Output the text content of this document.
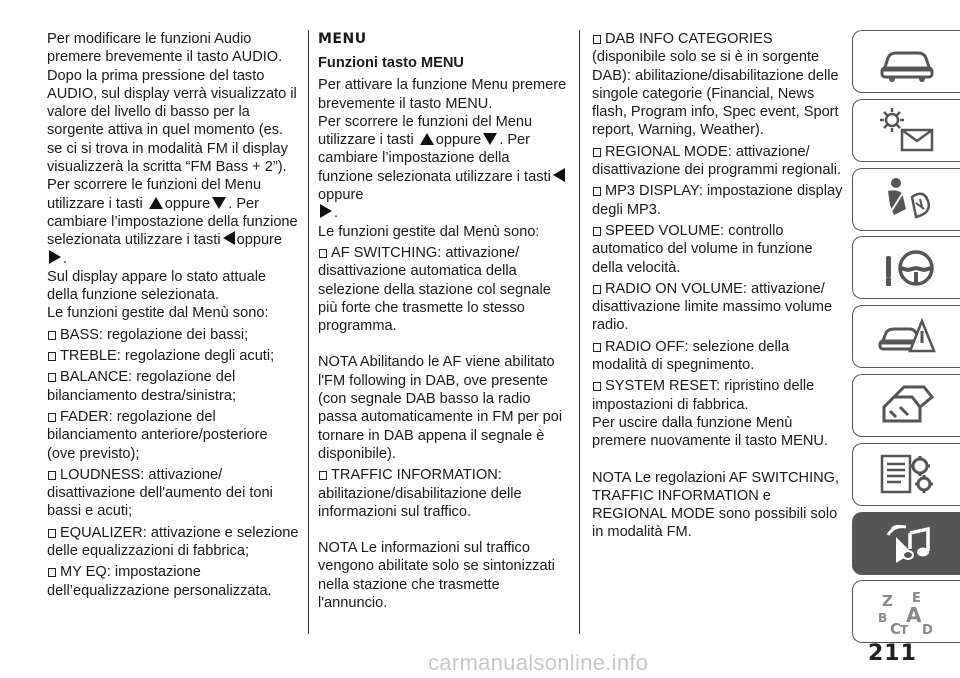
Per modificare le funzioni Audio premere brevemente il tasto AUDIO. Dopo la prima pressione del tasto AUDIO, sul display verrà visualizzato il valore del livello di basso per la sorgente attiva in quel momento (es. se ci si trova in modalità FM il display visualizzerà la scritta “FM Bass + 2”).

Per scorrere le funzioni del Menu utilizzare i tasti oppure . Per cambiare l’impostazione della funzione selezionata utilizzare i tasti oppure
.

Sul display appare lo stato attuale della funzione selezionata.

Le funzioni gestite dal Menù sono:

BASS: regolazione dei bassi;

TREBLE: regolazione degli acuti;

BALANCE: regolazione del bilanciamento destra/sinistra;

FADER: regolazione del bilanciamento anteriore/posteriore (ove previsto);

LOUDNESS: attivazione/ disattivazione dell'aumento dei toni bassi e acuti;

EQUALIZER: attivazione e selezione delle equalizzazioni di fabbrica;

MY EQ: impostazione dell’equalizzazione personalizzata.

MENU
Funzioni tasto MENU

Per attivare la funzione Menu premere brevemente il tasto MENU.

Per scorrere le funzioni del Menu utilizzare i tasti oppure . Per cambiare l’impostazione della funzione selezionata utilizzare i tastioppure
.

Le funzioni gestite dal Menù sono:

AF SWITCHING: attivazione/ disattivazione automatica della selezione della stazione col segnale più forte che trasmette lo stesso programma.

NOTA Abilitando le AF viene abilitato l'FM following in DAB, ove presente (con segnale DAB basso la radio passa automaticamente in FM per poi tornare in DAB appena il segnale è disponibile).

TRAFFIC INFORMATION: abilitazione/disabilitazione delle informazioni sul traffico.

NOTA Le informazioni sul traffico vengono abilitate solo se sintonizzati nella stazione che trasmette l'annuncio.

DAB INFO CATEGORIES (disponibile solo se si è in sorgente DAB): abilitazione/disabilitazione delle singole categorie (Financial, News flash, Program info, Spec event, Sport report, Warning, Weather).

REGIONAL MODE: attivazione/ disattivazione dei programmi regionali.

MP3 DISPLAY: impostazione display degli MP3.

SPEED VOLUME: controllo automatico del volume in funzione della velocità.

RADIO ON VOLUME: attivazione/ disattivazione limite massimo volume radio.

RADIO OFF: selezione della modalità di spegnimento.

SYSTEM RESET: ripristino delle impostazioni di fabbrica.

Per uscire dalla funzione Menù premere nuovamente il tasto MENU.

NOTA Le regolazioni AF SWITCHING, TRAFFIC INFORMATION e REGIONAL MODE sono possibili solo in modalità FM.

Z E
B A
C
T D
211
carmanualsonline.info
